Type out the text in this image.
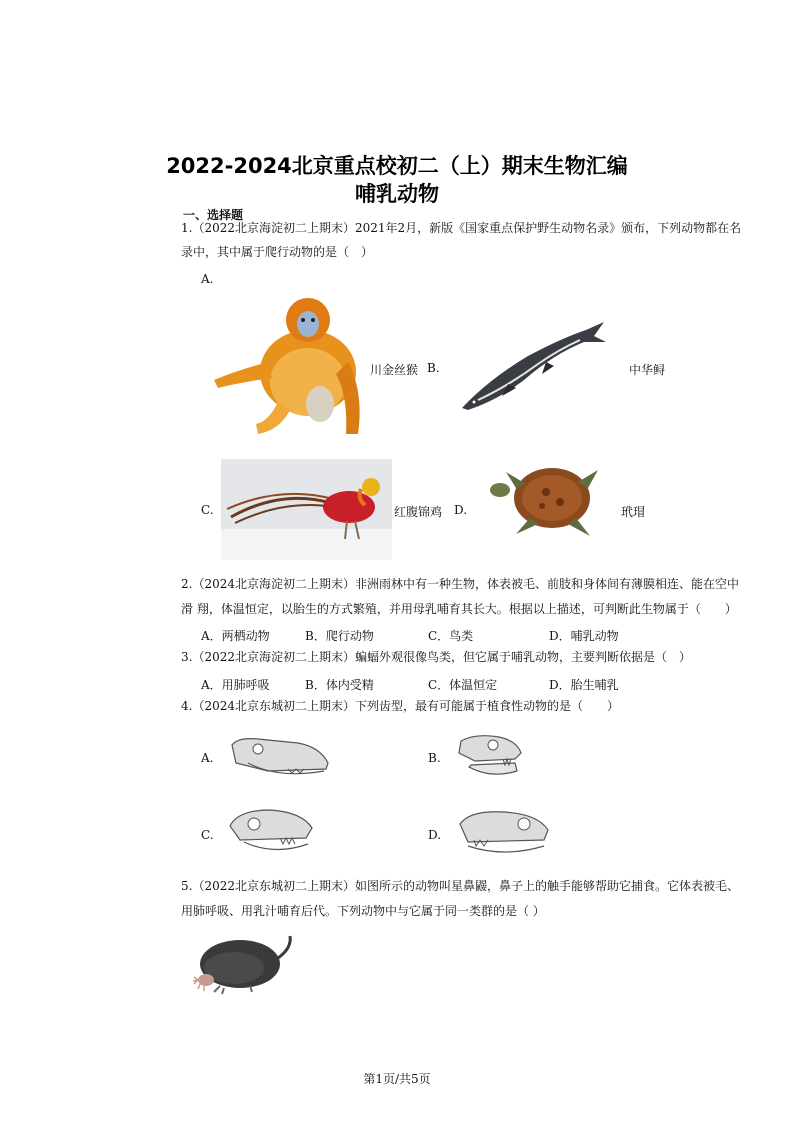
2022-2024北京重点校初二（上）期末生物汇编
哺乳动物
一、选择题
1.（2022北京海淀初二上期末）2021年2月，新版《国家重点保护野生动物名录》颁布，下列动物都在名
录中，其中属于爬行动物的是（　）
A.
川金丝猴 B.	中华鲟
C.	红腹锦鸡 D.	玳瑁
2.（2024北京海淀初二上期末）非洲雨林中有一种生物，体表被毛、前肢和身体间有薄膜相连、能在空中
滑 翔，体温恒定，以胎生的方式繁殖，并用母乳哺育其长大。根据以上描述，可判断此生物属于（　　）
A．两栖动物	B．爬行动物	C．鸟类	D．哺乳动物
3.（2022北京海淀初二上期末）蝙蝠外观很像鸟类，但它属于哺乳动物，主要判断依据是（　）
A．用肺呼吸	B．体内受精	C．体温恒定	D．胎生哺乳
4.（2024北京东城初二上期末）下列齿型，最有可能属于植食性动物的是（　　）
A.	B.
C.	D.
5.（2022北京东城初二上期末）如图所示的动物叫星鼻鼹，鼻子上的触手能够帮助它捕食。它体表被毛、
用肺呼吸、用乳汁哺育后代。下列动物中与它属于同一类群的是（ ）
第1页/共5页
